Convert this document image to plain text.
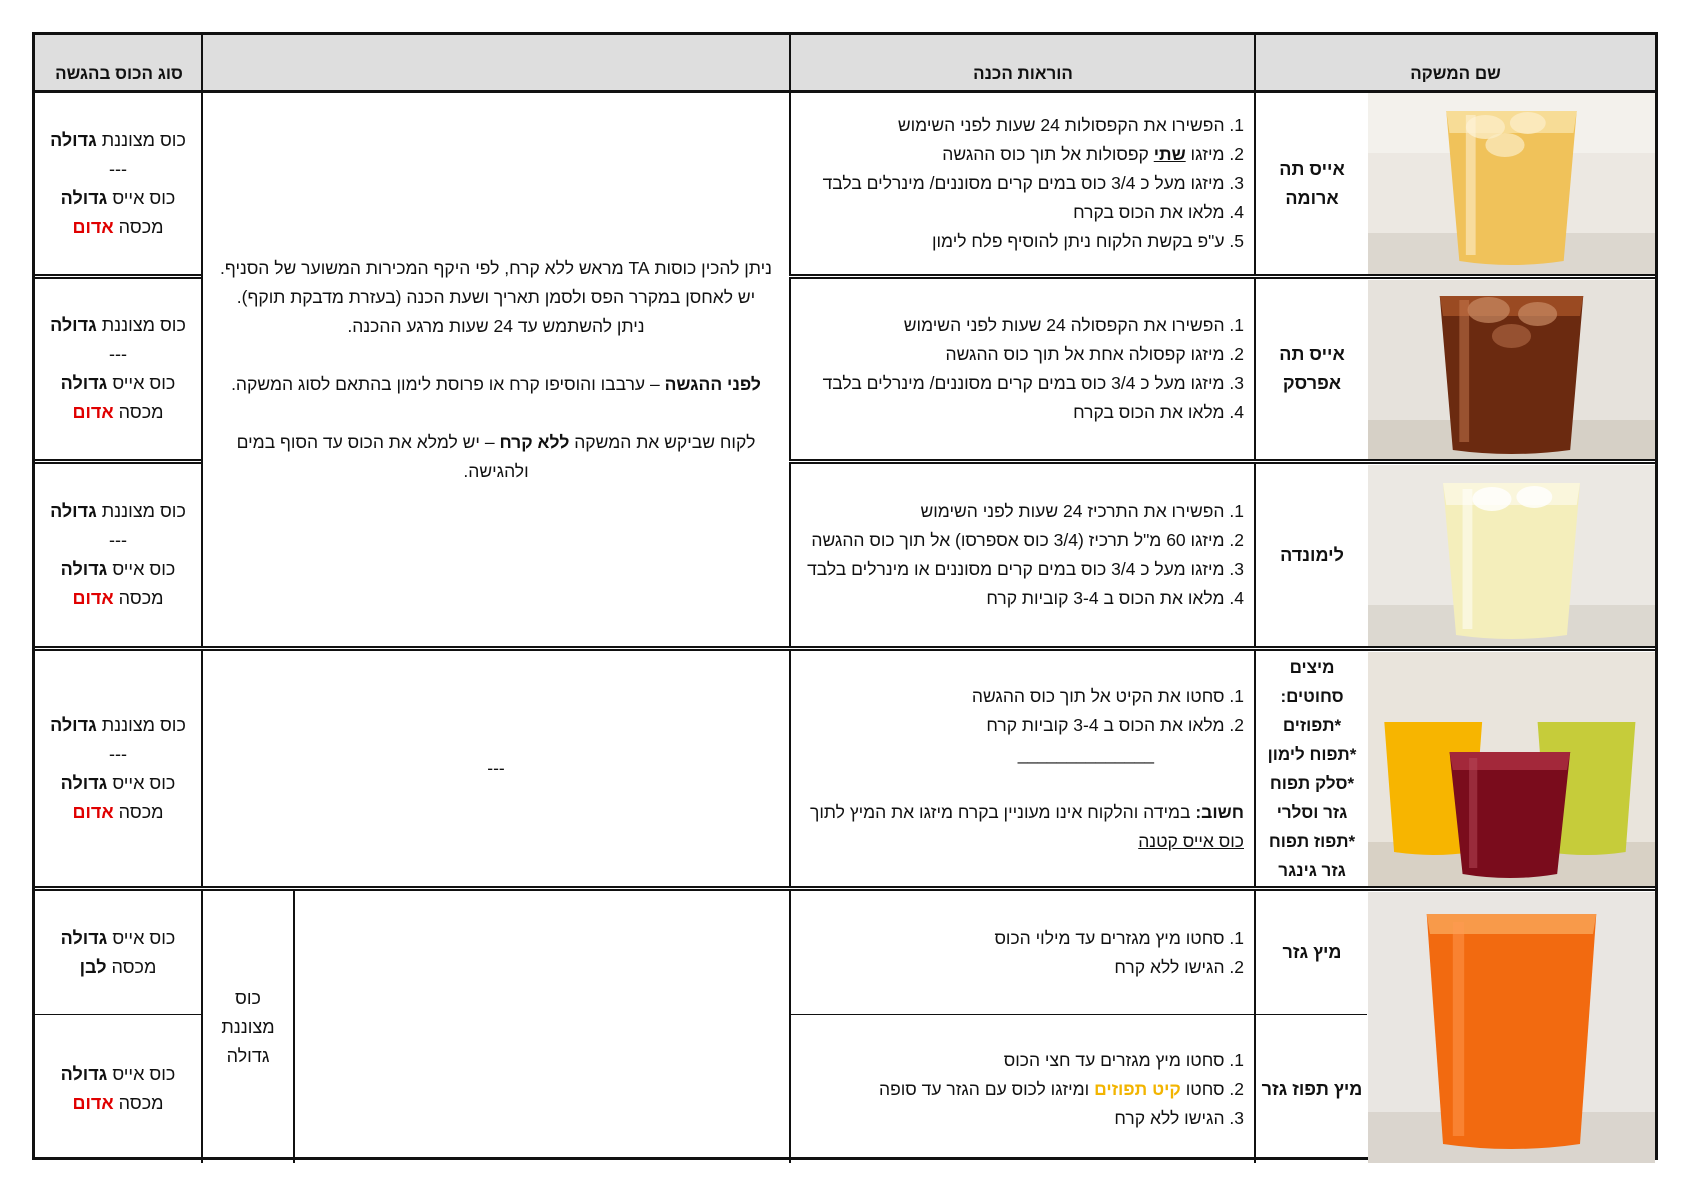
שם המשקה
הוראות הכנה
סוג הכוס בהגשה
אייס תה
ארומה
1. הפשירו את הקפסולות 24 שעות לפני השימוש
2. מיזגו שתי קפסולות אל תוך כוס ההגשה
3. מיזגו מעל כ 3/4 כוס במים קרים מסוננים/ מינרלים בלבד
4. מלאו את הכוס בקרח
5. ע"פ בקשת הלקוח ניתן להוסיף פלח לימון
כוס מצוננת גדולה
---
כוס אייס גדולה
מכסה אדום
ניתן להכין כוסות TA מראש ללא קרח, לפי היקף המכירות המשוער של הסניף.
יש לאחסן במקרר הפס ולסמן תאריך ושעת הכנה (בעזרת מדבקת תוקף).
ניתן להשתמש עד 24 שעות מרגע ההכנה.
לפני ההגשה – ערבבו והוסיפו קרח או פרוסת לימון בהתאם לסוג המשקה.
לקוח שביקש את המשקה ללא קרח – יש למלא את הכוס עד הסוף במים
ולהגישה.
אייס תה
אפרסק
1. הפשירו את הקפסולה 24 שעות לפני השימוש
2. מיזגו קפסולה אחת אל תוך כוס ההגשה
3. מיזגו מעל כ 3/4 כוס במים קרים מסוננים/ מינרלים בלבד
4. מלאו את הכוס בקרח
כוס מצוננת גדולה
---
כוס אייס גדולה
מכסה אדום
לימונדה
1. הפשירו את התרכיז 24 שעות לפני השימוש
2. מיזגו 60 מ"ל תרכיז (3/4 כוס אספרסו) אל תוך כוס ההגשה
3. מיזגו מעל כ 3/4 כוס במים קרים מסוננים או מינרלים בלבד
4. מלאו את הכוס ב 3-4 קוביות קרח
כוס מצוננת גדולה
---
כוס אייס גדולה
מכסה אדום
מיצים
סחוטים:
*תפוזים
*תפוח לימון
*סלק תפוח
גזר וסלרי
*תפוז תפוח
גזר גינגר
1. סחטו את הקיט אל תוך כוס ההגשה
2. מלאו את הכוס ב 3-4 קוביות קרח
______________
חשוב: במידה והלקוח אינו מעוניין בקרח מיזגו את המיץ לתוך
כוס אייס קטנה
---
כוס מצוננת גדולה
---
כוס אייס גדולה
מכסה אדום
מיץ גזר
1. סחטו מיץ מגזרים עד מילוי הכוס
2. הגישו ללא קרח
כוס אייס גדולה
מכסה לבן
כוס
מצוננת
גדולה
מיץ תפוז גזר
1. סחטו מיץ מגזרים עד חצי הכוס
2. סחטו קיט תפוזים ומיזגו לכוס עם הגזר עד סופה
3. הגישו ללא קרח
כוס אייס גדולה
מכסה אדום
